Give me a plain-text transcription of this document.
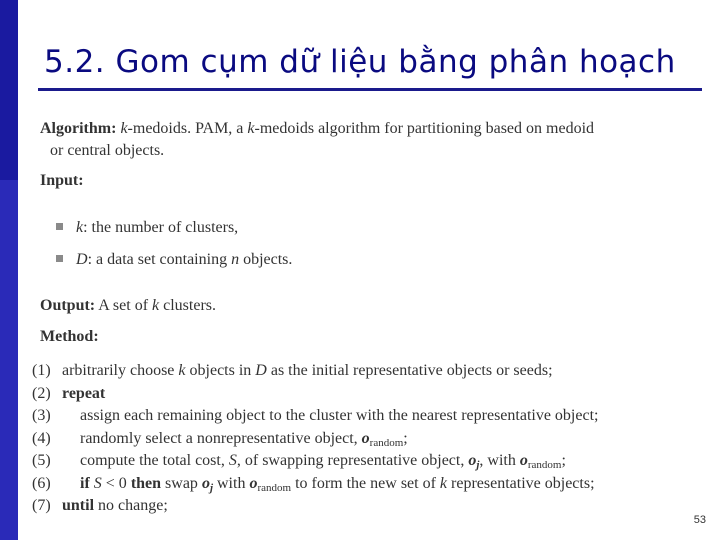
5.2. Gom cụm dữ liệu bằng phân hoạch
Algorithm: k-medoids. PAM, a k-medoids algorithm for partitioning based on medoid
or central objects.
Input:
k: the number of clusters,
D: a data set containing n objects.
Output: A set of k clusters.
Method:
(1) arbitrarily choose k objects in D as the initial representative objects or seeds;
(2) repeat
(3) assign each remaining object to the cluster with the nearest representative object;
(4) randomly select a nonrepresentative object, $o_{random}$;
(5) compute the total cost, S, of swapping representative object, $o_j$, with $o_{random}$;
(6) if S < 0 then swap $o_j$ with $o_{random}$ to form the new set of k representative objects;
(7) until no change;
53
